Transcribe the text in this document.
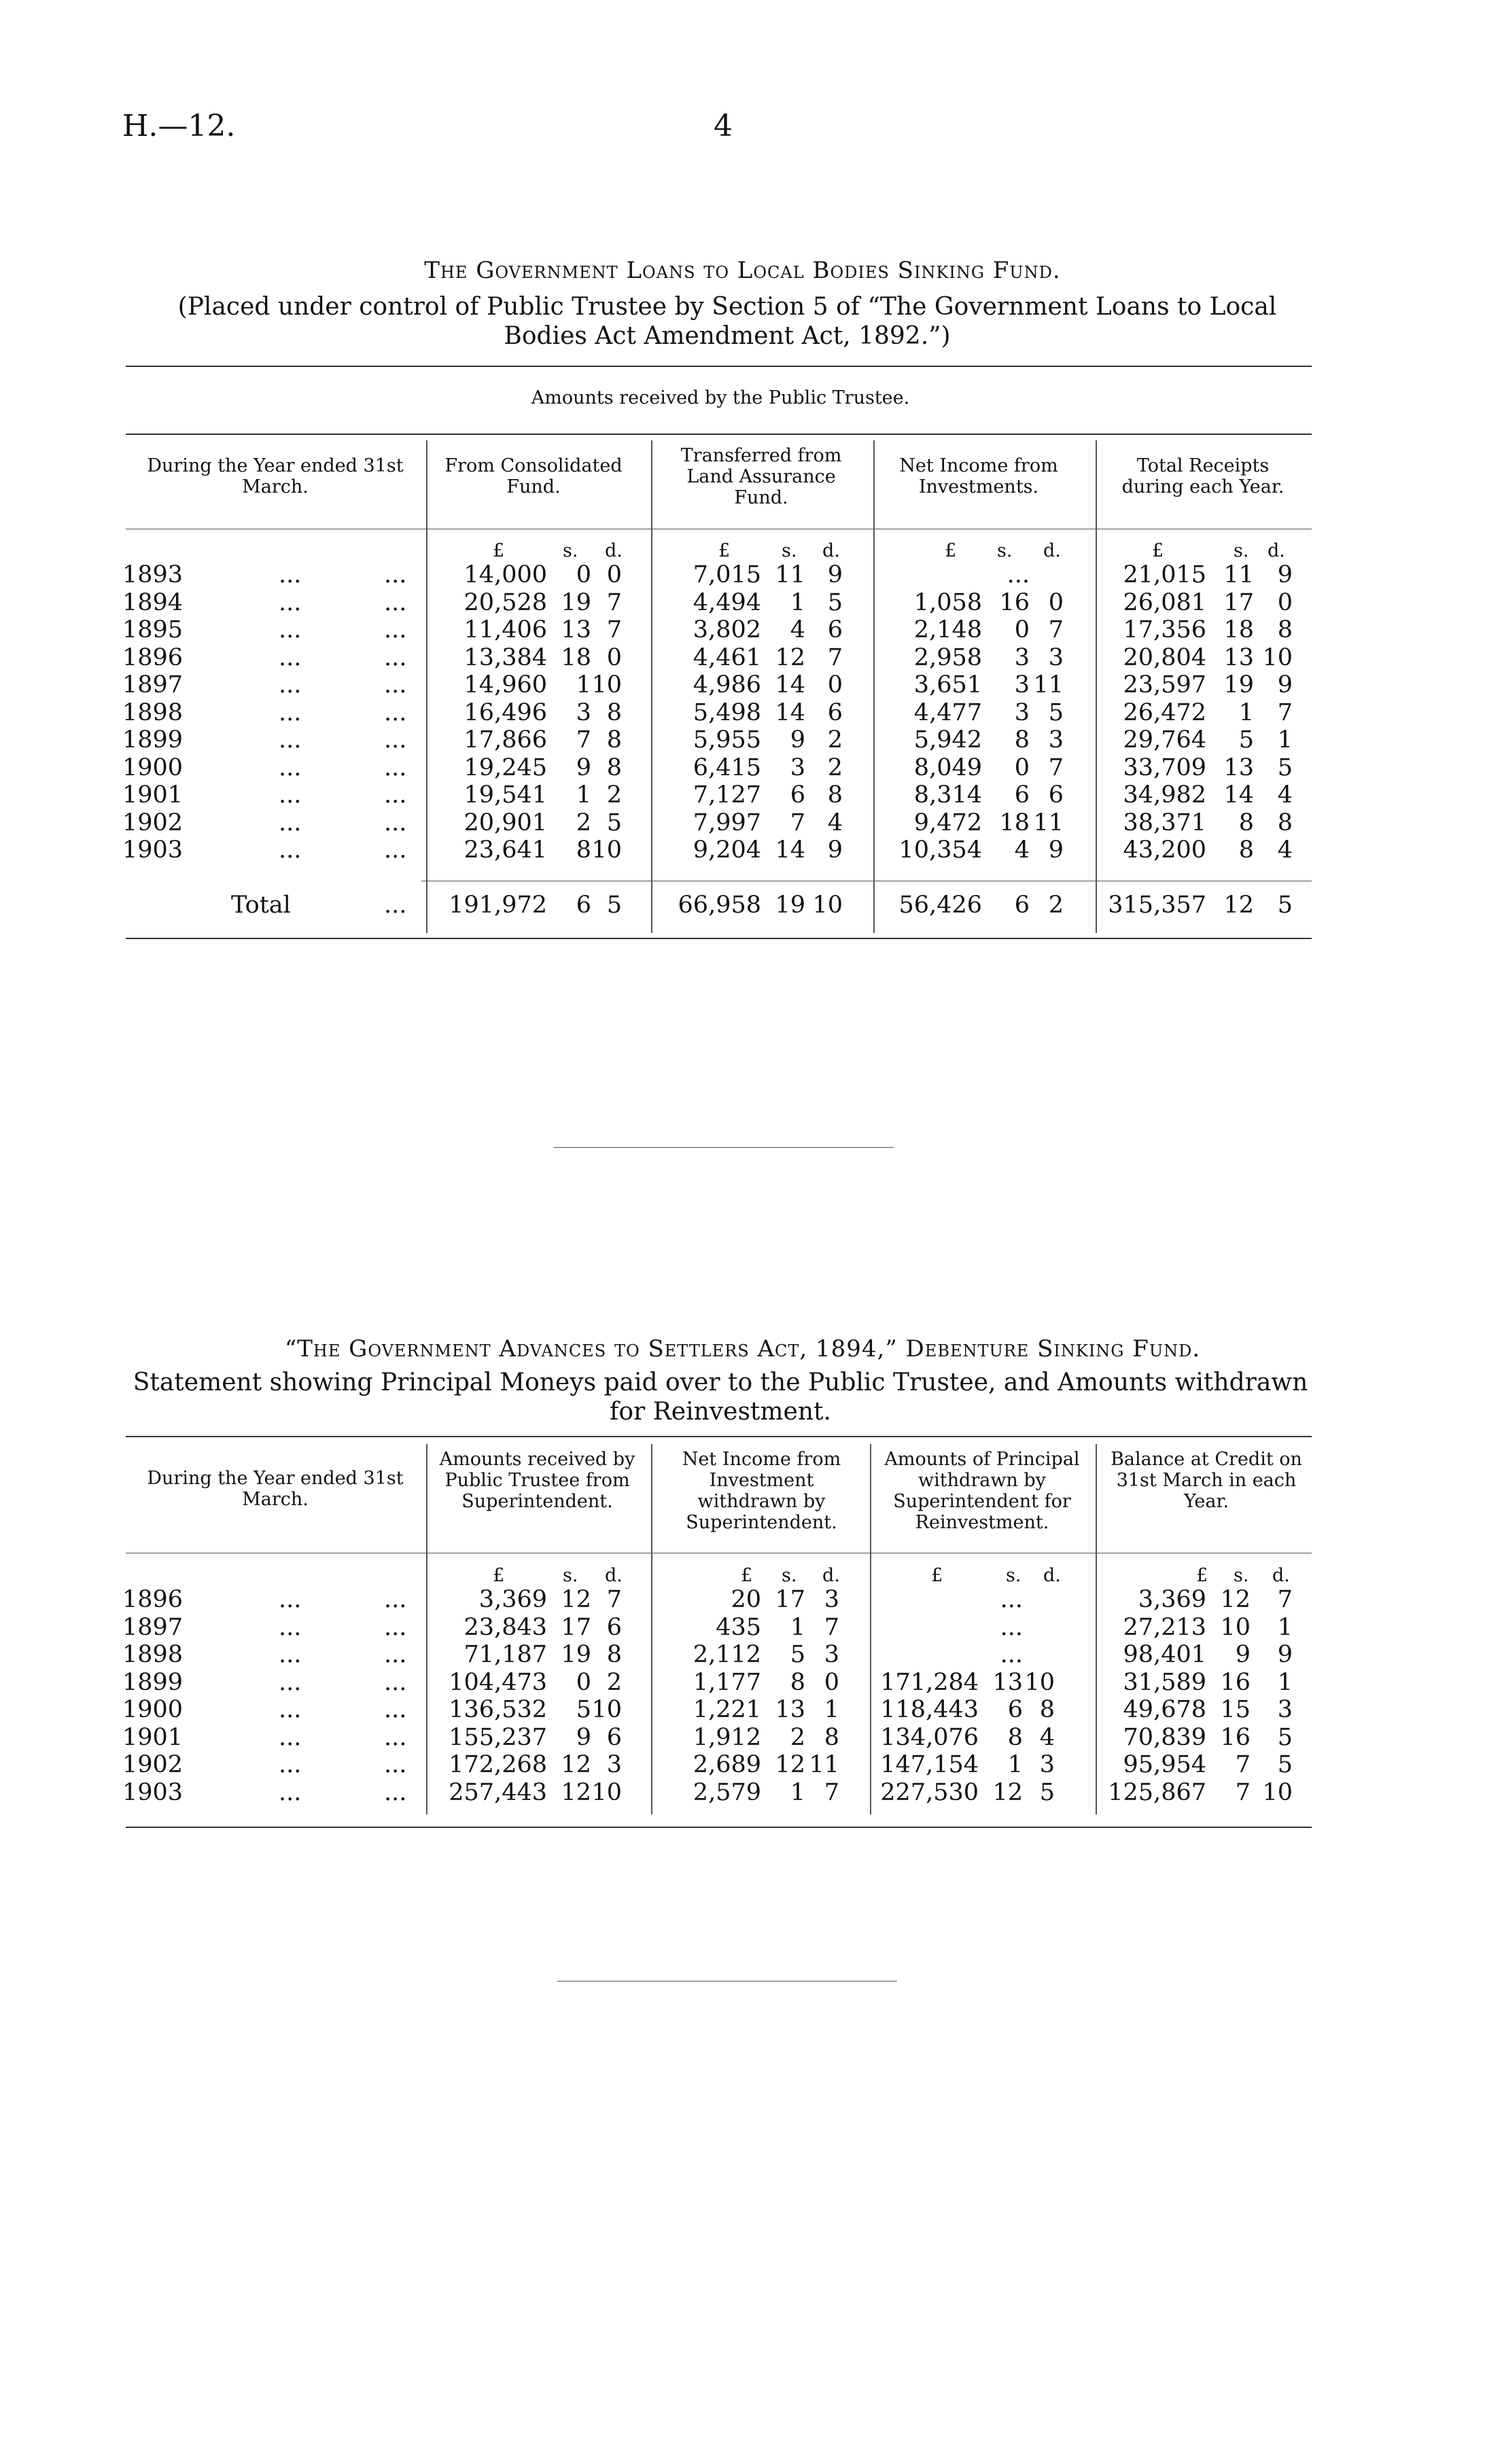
H.—12.	4
The Government Loans to Local Bodies Sinking Fund.
(Placed under control of Public Trustee by Section 5 of “The Government Loans to Local Bodies Act Amendment Act, 1892.”)
Amounts received by the Public Trustee.
During the Year ended 31st March.
From Consolidated Fund.
Transferred from Land Assurance Fund.
Net Income from Investments.
Total Receipts during each Year.
£	s. d.	£	s. d.	£ s. d.	£	s. d.
1893	...	... 14,000 0 0	7,015 11 9	...	21,015 11 9
1894	...	... 20,528 19 7	4,494 1 5	1,058 16 0	26,081 17 0
1895	...	... 11,406 13 7	3,802 4 6	2,148 0 7	17,356 18 8
1896	...	... 13,384 18 0	4,461 12 7	2,958 3 3	20,804 13 10
1897	...	... 14,960 1 10	4,986 14 0	3,651 3 11	23,597 19 9
1898	...	... 16,496 3 8	5,498 14 6	4,477 3 5	26,472 1 7
1899	...	... 17,866 7 8	5,955 9 2	5,942 8 3	29,764 5 1
1900	...	... 19,245 9 8	6,415 3 2	8,049 0 7	33,709 13 5
1901	...	... 19,541 1 2	7,127 6 8	8,314 6 6	34,982 14 4
1902	...	... 20,901 2 5	7,997 7 4	9,472 18 11	38,371 8 8
1903	...	... 23,641 8 10	9,204 14 9 10,354 4 9	43,200 8 4
Total	... 191,972 6 5 66,958 19 10 56,426 6 2 315,357 12 5
“The Government Advances to Settlers Act, 1894,” Debenture Sinking Fund.
Statement showing Principal Moneys paid over to the Public Trustee, and Amounts withdrawn for Reinvestment.
During the Year ended 31st March.
Amounts received by Public Trustee from Superintendent.
Net Income from Investment withdrawn by Superintendent.
Amounts of Principal withdrawn by Superintendent for Reinvestment.
Balance at Credit on 31st March in each Year.
£	s. d.	£ s. d.	£	s. d.	£ s. d.
1896	...	...	3,369 12 7	20 17 3	...	3,369 12 7
1897	...	... 23,843 17 6	435 1 7	...	27,213 10 1
1898	...	... 71,187 19 8	2,112 5 3	...	98,401 9 9
1899	...	... 104,473 0 2	1,177 8 0 171,284 13 10	31,589 16 1
1900	...	... 136,532 5 10	1,221 13 1 118,443 6 8	49,678 15 3
1901	...	... 155,237 9 6	1,912 2 8 134,076 8 4	70,839 16 5
1902	...	... 172,268 12 3	2,689 12 11 147,154 1 3	95,954 7 5
1903	...	... 257,443 12 10	2,579 1 7 227,530 12 5 125,867 7 10
